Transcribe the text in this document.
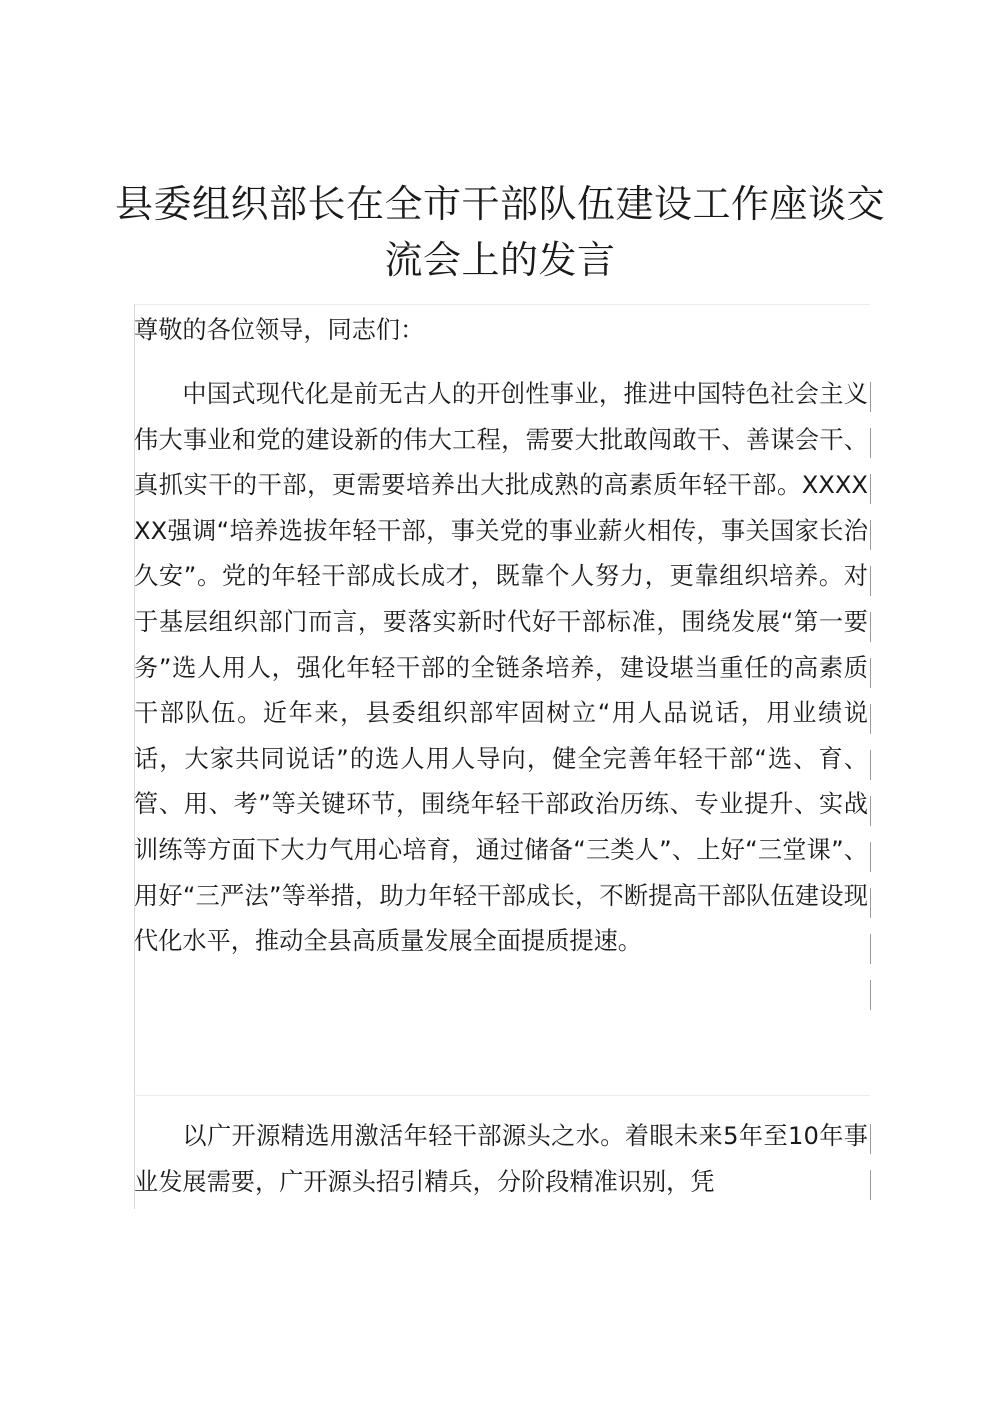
县委组织部长在全市干部队伍建设工作座谈交
流会上的发言
尊敬的各位领导，同志们：

中国式现代化是前无古人的开创性事业，推进中国特色社会主义伟大事业和党的建设新的伟大工程，需要大批敢闯敢干、善谋会干、真抓实干的干部，更需要培养出大批成熟的高素质年轻干部。XXXXXX强调“培养选拔年轻干部，事关党的事业薪火相传，事关国家长治久安”。党的年轻干部成长成才，既靠个人努力，更靠组织培养。对于基层组织部门而言，要落实新时代好干部标准，围绕发展“第一要务”选人用人，强化年轻干部的全链条培养，建设堪当重任的高素质干部队伍。近年来，县委组织部牢固树立“用人品说话，用业绩说话，大家共同说话”的选人用人导向，健全完善年轻干部“选、育、管、用、考”等关键环节，围绕年轻干部政治历练、专业提升、实战训练等方面下大力气用心培育，通过储备“三类人”、上好“三堂课”、用好“三严法”等举措，助力年轻干部成长，不断提高干部队伍建设现代化水平，推动全县高质量发展全面提质提速。

以广开源精选用激活年轻干部源头之水。着眼未来5年至10年事业发展需要，广开源头招引精兵，分阶段精准识别，凭
